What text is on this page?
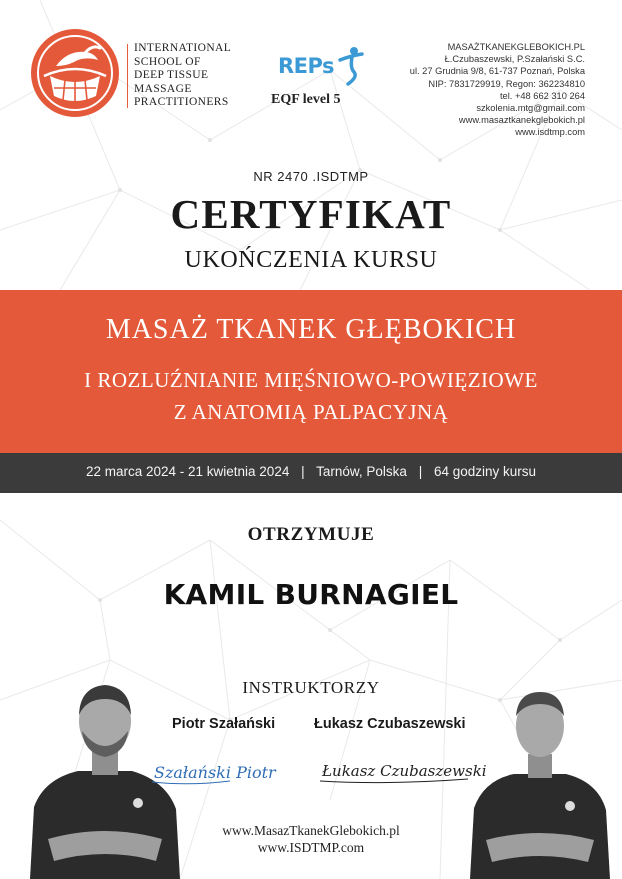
INTERNATIONAL
SCHOOL OF
DEEP TISSUE
MASSAGE
PRACTITIONERS
REPs
EQF level 5
MASAŻTKANEKGLEBOKICH.PL
Ł.Czubaszewski, P.Szałański S.C.
ul. 27 Grudnia 9/8, 61-737 Poznań, Polska
NIP: 7831729919, Regon: 362234810
tel. +48 662 310 264
szkolenia.mtg@gmail.com
www.masaztkanekglebokich.pl
www.isdtmp.com
NR 2470 .ISDTMP
CERTYFIKAT
UKOŃCZENIA KURSU
MASAŻ TKANEK GŁĘBOKICH
I ROZLUŹNIANIE MIĘŚNIOWO-POWIĘZIOWE
Z ANATOMIĄ PALPACYJNĄ
22 marca 2024 - 21 kwietnia 2024 | Tarnów, Polska | 64 godziny kursu
OTRZYMUJE
KAMIL BURNAGIEL
INSTRUKTORZY
Piotr Szałański	Łukasz Czubaszewski
Szałański Piotr	Łukasz Czubaszewski
www.MasazTkanekGlebokich.pl
www.ISDTMP.com
